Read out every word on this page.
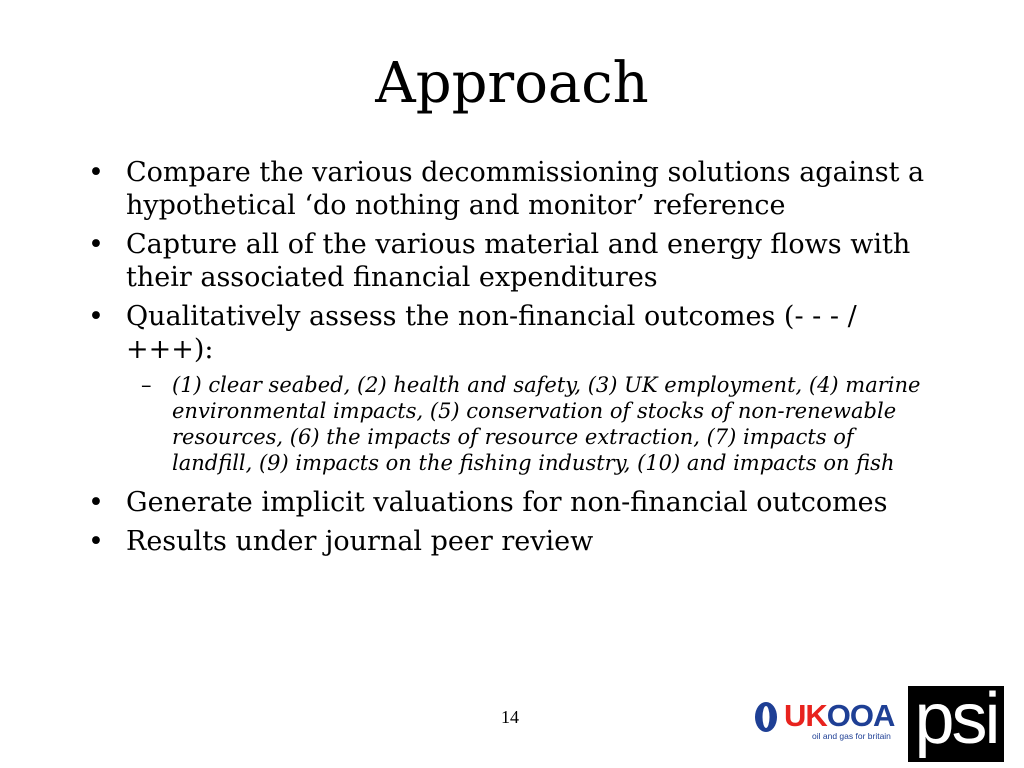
Approach
• Compare the various decommissioning solutions against a hypothetical ‘do nothing and monitor’ reference
• Capture all of the various material and energy flows with their associated financial expenditures
• Qualitatively assess the non-financial outcomes (- - - / +++):
– (1) clear seabed, (2) health and safety, (3) UK employment, (4) marine environmental impacts, (5) conservation of stocks of non-renewable resources, (6) the impacts of resource extraction, (7) impacts of landfill, (9) impacts on the fishing industry, (10) and impacts on fish
• Generate implicit valuations for non-financial outcomes
• Results under journal peer review
14	UKOOA
oil and gas for britain psi
